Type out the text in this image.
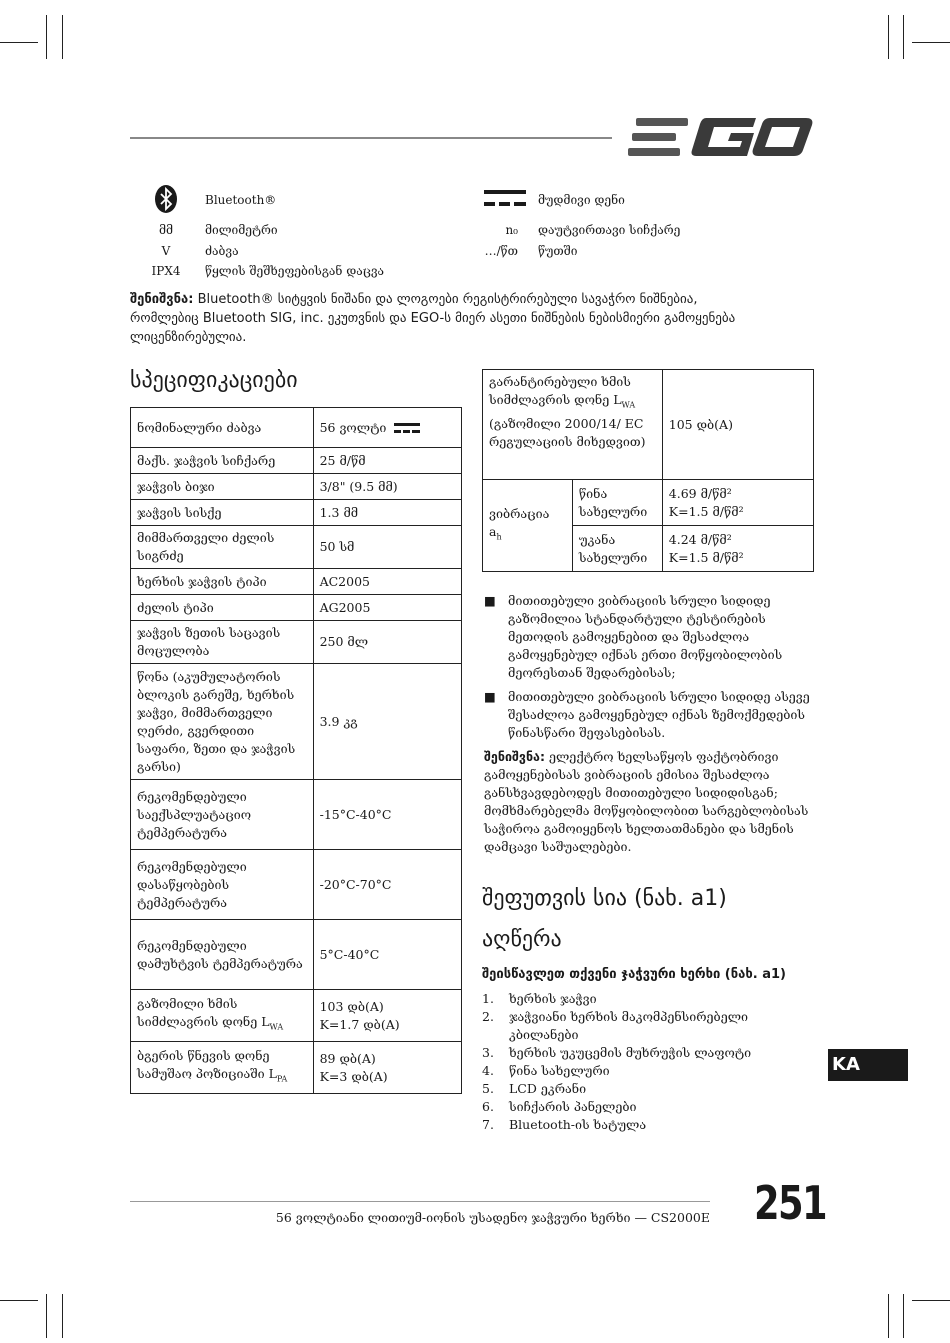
Bluetooth®
მმ	მილიმეტრი
V	ძაბვა
IPX4	წყლის შეშხეფებისგან დაცვა
მუდმივი დენი
n₀ დაუტვირთავი სიჩქარე
…/წთ წუთში
შენიშვნა: Bluetooth® სიტყვის ნიშანი და ლოგოები რეგისტრირებული სავაჭრო ნიშნებია, რომლებიც Bluetooth SIG, inc. ეკუთვნის და EGO-ს მიერ ასეთი ნიშნების ნებისმიერი გამოყენება ლიცენზირებულია.
სპეციფიკაციები
ნომინალური ძაბვა	56 ვოლტი
მაქს. ჯაჭვის სიჩქარე	25 მ/წმ
ჯაჭვის ბიჯი	3/8" (9.5 მმ)
ჯაჭვის სისქე	1.3 მმ
მიმმართველი ძელის სიგრძე	50 სმ
ხერხის ჯაჭვის ტიპი	AC2005
ძელის ტიპი	AG2005
ჯაჭვის ზეთის საცავის მოცულობა	250 მლ
წონა (აკუმულატორის ბლოკის გარეშე, ხერხის ჯაჭვი, მიმმართველი ღერძი, გვერდითი საფარი, ზეთი და ჯაჭვის გარსი)	3.9 კგ
რეკომენდებული საექსპლუატაციო ტემპერატურა	-15°C-40°C
რეკომენდებული დასაწყობების ტემპერატურა	-20°C-70°C
რეკომენდებული დამუხტვის ტემპერატურა	5°C-40°C
გაზომილი ხმის სიმძლავრის დონე $L_{WA}$	103 დბ(A)
K=1.7 დბ(A)
ბგერის წნევის დონე სამუშაო პოზიციაში $L_{PA}$	89 დბ(A)
K=3 დბ(A)
გარანტირებული ხმის სიმძლავრის დონე $L_{WA}$
(გაზომილი 2000/14/ EC რეგულაციის მიხედვით)		105 დბ(A)
ვიბრაცია
$a_h$	წინა სახელური	4.69 მ/წმ²
K=1.5 მ/წმ²
	უკანა სახელური	4.24 მ/წმ²
K=1.5 მ/წმ²
■ მითითებული ვიბრაციის სრული სიდიდე გაზომილია სტანდარტული ტესტირების მეთოდის გამოყენებით და შესაძლოა გამოყენებულ იქნას ერთი მოწყობილობის მეორესთან შედარებისას;
■ მითითებული ვიბრაციის სრული სიდიდე ასევე შესაძლოა გამოყენებულ იქნას ზემოქმედების წინასწარი შეფასებისას.
შენიშვნა: ელექტრო ხელსაწყოს ფაქტობრივი გამოყენებისას ვიბრაციის ემისია შესაძლოა განსხვავდებოდეს მითითებული სიდიდისგან; მომხმარებელმა მოწყობილობით სარგებლობისას საჭიროა გამოიყენოს ხელთათმანები და სმენის დამცავი საშუალებები.
შეფუთვის სია (ნახ. a1)
აღწერა
შეისწავლეთ თქვენი ჯაჭვური ხერხი (ნახ. a1)
1. ხერხის ჯაჭვი
2. ჯაჭვიანი ხერხის მაკომპენსირებელი კბილანები
3. ხერხის უკუცემის მუხრუჭის ლაფოტი
4. წინა სახელური
5. LCD ეკრანი
6. სიჩქარის პანელები
7. Bluetooth-ის ხატულა
KA
56 ვოლტიანი ლითიუმ-იონის უსადენო ჯაჭვური ხერხი — CS2000E 251
